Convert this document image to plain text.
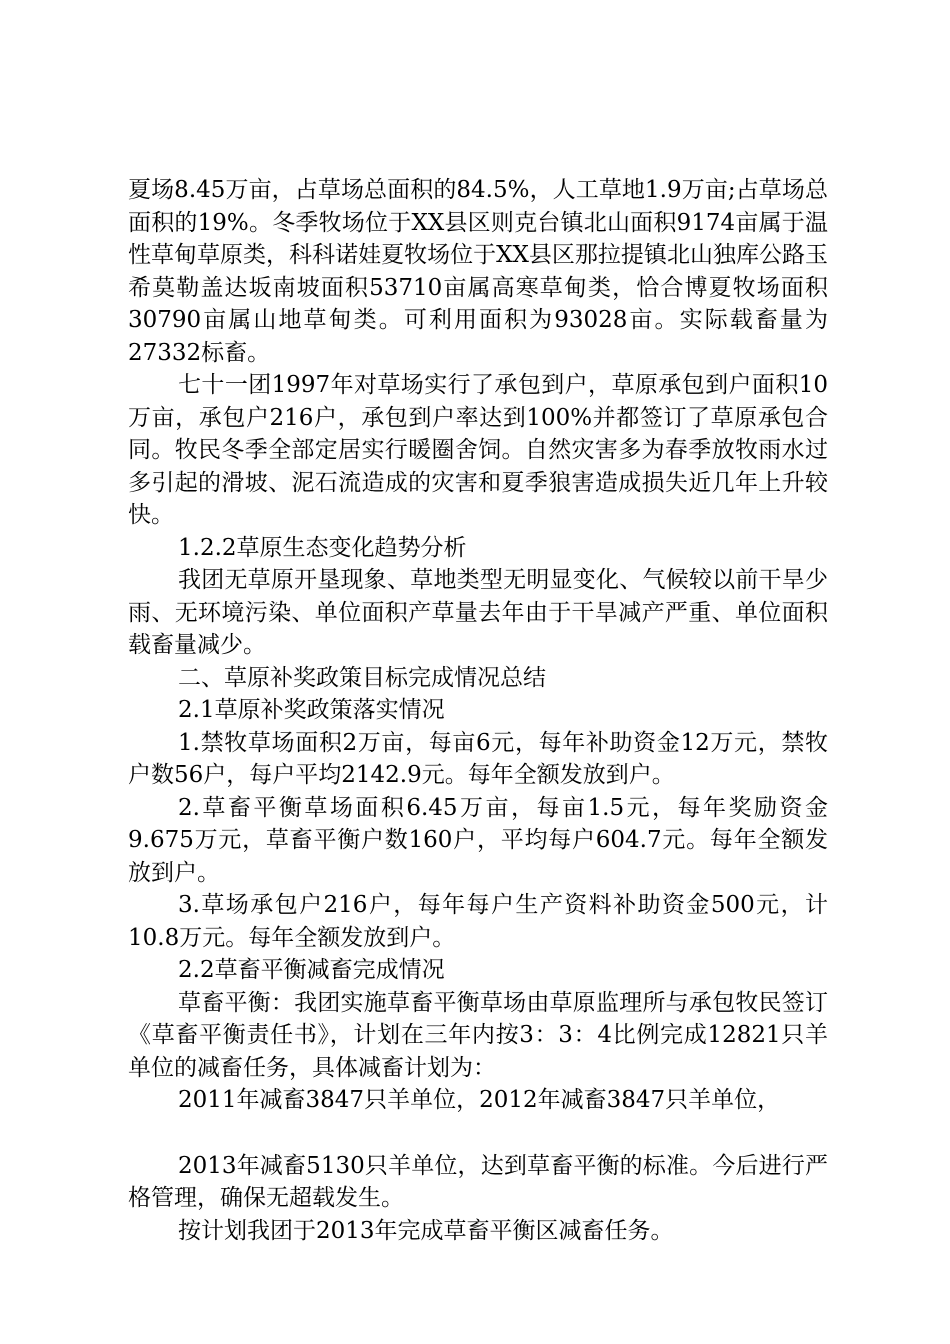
夏场8.45万亩，占草场总面积的84.5%，人工草地1.9万亩;占草场总面积的19%。冬季牧场位于XX县区则克台镇北山面积9174亩属于温性草甸草原类，科科诺娃夏牧场位于XX县区那拉提镇北山独库公路玉希莫勒盖达坂南坡面积53710亩属高寒草甸类，恰合博夏牧场面积30790亩属山地草甸类。可利用面积为93028亩。实际载畜量为27332标畜。

七十一团1997年对草场实行了承包到户，草原承包到户面积10万亩，承包户216户，承包到户率达到100%并都签订了草原承包合同。牧民冬季全部定居实行暖圈舍饲。自然灾害多为春季放牧雨水过多引起的滑坡、泥石流造成的灾害和夏季狼害造成损失近几年上升较快。

1.2.2草原生态变化趋势分析

我团无草原开垦现象、草地类型无明显变化、气候较以前干旱少雨、无环境污染、单位面积产草量去年由于干旱减产严重、单位面积载畜量减少。

二、草原补奖政策目标完成情况总结

2.1草原补奖政策落实情况

1.禁牧草场面积2万亩，每亩6元，每年补助资金12万元，禁牧户数56户，每户平均2142.9元。每年全额发放到户。

2.草畜平衡草场面积6.45万亩，每亩1.5元，每年奖励资金9.675万元，草畜平衡户数160户，平均每户604.7元。每年全额发放到户。

3.草场承包户216户，每年每户生产资料补助资金500元，计10.8万元。每年全额发放到户。

2.2草畜平衡减畜完成情况

草畜平衡：我团实施草畜平衡草场由草原监理所与承包牧民签订《草畜平衡责任书》，计划在三年内按3：3：4比例完成12821只羊单位的减畜任务，具体减畜计划为：

2011年减畜3847只羊单位，2012年减畜3847只羊单位，

2013年减畜5130只羊单位，达到草畜平衡的标准。今后进行严格管理，确保无超载发生。

按计划我团于2013年完成草畜平衡区减畜任务。
